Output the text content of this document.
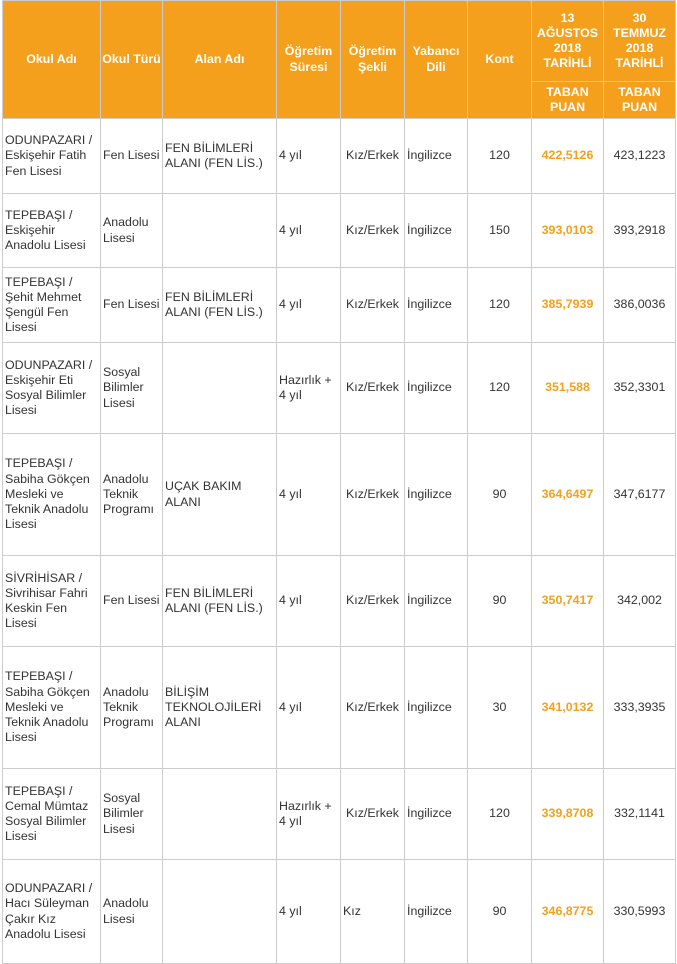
Okul Adı	Okul Türü	Alan Adı	Öğretim Süresi	Öğretim Şekli	Yabancı Dili	Kont	13 AĞUSTOS 2018 TARİHLİ	30 TEMMUZ 2018 TARİHLİ
							TABAN PUAN	TABAN PUAN
ODUNPAZARI / Eskişehir Fatih Fen Lisesi	Fen Lisesi	FEN BİLİMLERİ ALANI (FEN LİS.)	4 yıl	Kız/Erkek	İngilizce	120	422,5126	423,1223
TEPEBAŞI / Eskişehir Anadolu Lisesi	Anadolu Lisesi		4 yıl	Kız/Erkek	İngilizce	150	393,0103	393,2918
TEPEBAŞI / Şehit Mehmet Şengül Fen Lisesi	Fen Lisesi	FEN BİLİMLERİ ALANI (FEN LİS.)	4 yıl	Kız/Erkek	İngilizce	120	385,7939	386,0036
ODUNPAZARI / Eskişehir Eti Sosyal Bilimler Lisesi	Sosyal Bilimler Lisesi		Hazırlık + 4 yıl	Kız/Erkek	İngilizce	120	351,588	352,3301
TEPEBAŞI / Sabiha Gökçen Mesleki ve Teknik Anadolu Lisesi	Anadolu Teknik Programı	UÇAK BAKIM ALANI	4 yıl	Kız/Erkek	İngilizce	90	364,6497	347,6177
SİVRİHİSAR / Sivrihisar Fahri Keskin Fen Lisesi	Fen Lisesi	FEN BİLİMLERİ ALANI (FEN LİS.)	4 yıl	Kız/Erkek	İngilizce	90	350,7417	342,002
TEPEBAŞI / Sabiha Gökçen Mesleki ve Teknik Anadolu Lisesi	Anadolu Teknik Programı	BİLİŞİM TEKNOLOJİLERİ ALANI	4 yıl	Kız/Erkek	İngilizce	30	341,0132	333,3935
TEPEBAŞI / Cemal Mümtaz Sosyal Bilimler Lisesi	Sosyal Bilimler Lisesi		Hazırlık + 4 yıl	Kız/Erkek	İngilizce	120	339,8708	332,1141
ODUNPAZARI / Hacı Süleyman Çakır Kız Anadolu Lisesi	Anadolu Lisesi		4 yıl	Kız	İngilizce	90	346,8775	330,5993
